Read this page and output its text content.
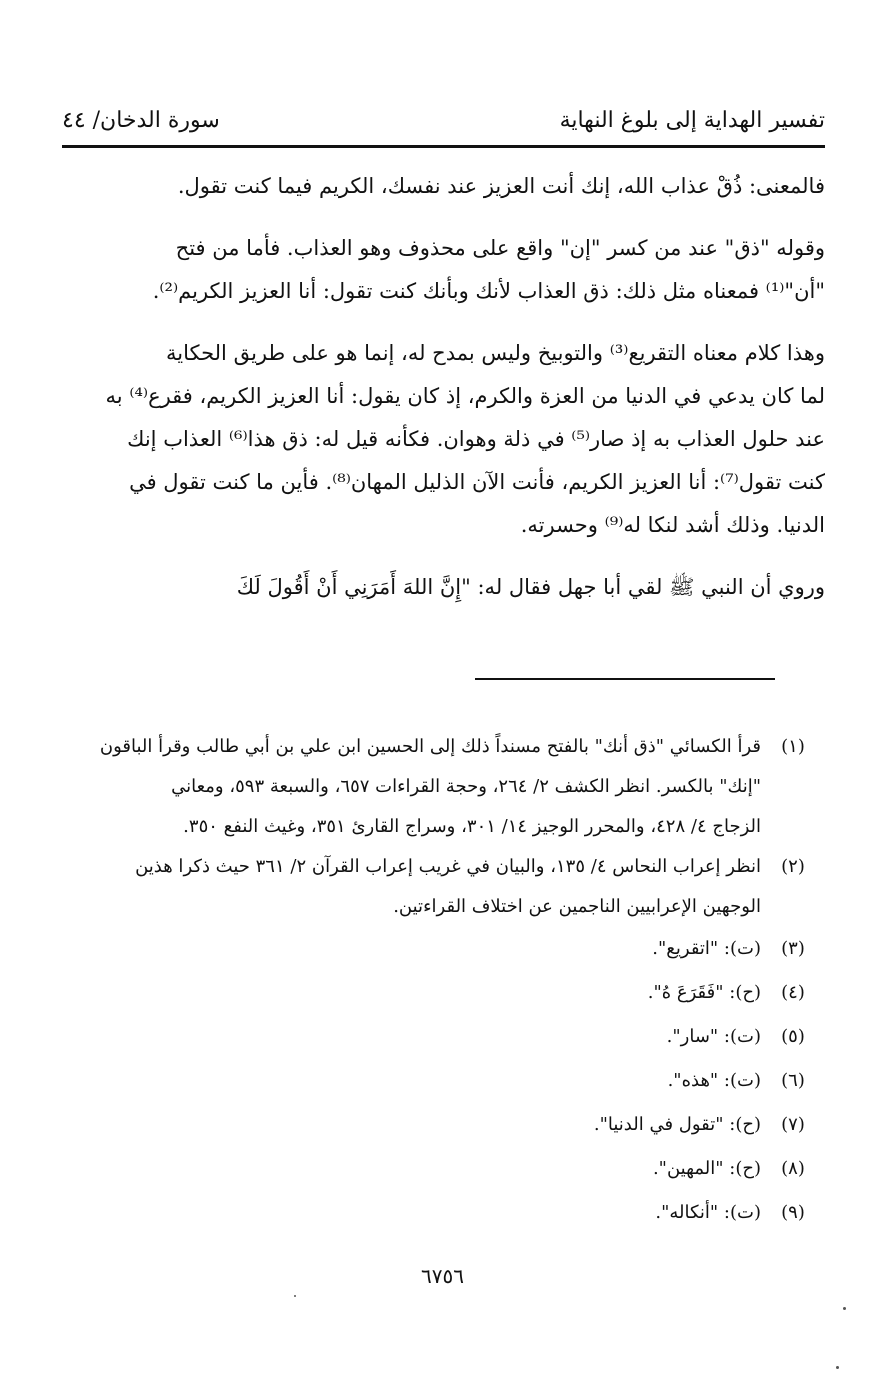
تفسير الهداية إلى بلوغ النهاية
سورة الدخان/ ٤٤
فالمعنى: ذُقْ عذاب الله، إنك أنت العزيز عند نفسك، الكريم فيما كنت تقول.
وقوله "ذق" عند من كسر "إن" واقع على محذوف وهو العذاب. فأما من فتح
"أن"⁽¹⁾ فمعناه مثل ذلك: ذق العذاب لأنك وبأنك كنت تقول: أنا العزيز الكريم⁽²⁾.
وهذا كلام معناه التقريع⁽³⁾ والتوبيخ وليس بمدح له، إنما هو على طريق الحكاية
لما كان يدعي في الدنيا من العزة والكرم، إذ كان يقول: أنا العزيز الكريم، فقرع⁽⁴⁾ به
عند حلول العذاب به إذ صار⁽⁵⁾ في ذلة وهوان. فكأنه قيل له: ذق هذا⁽⁶⁾ العذاب إنك
كنت تقول⁽⁷⁾: أنا العزيز الكريم، فأنت الآن الذليل المهان⁽⁸⁾. فأين ما كنت تقول في
الدنيا. وذلك أشد لنكا له⁽⁹⁾ وحسرته.
وروي أن النبي ﷺ لقي أبا جهل فقال له: "إِنَّ اللهَ أَمَرَنِي أَنْ أَقُولَ لَكَ
(١)
قرأ الكسائي "ذق أنك" بالفتح مسنداً ذلك إلى الحسين ابن علي بن أبي طالب وقرأ الباقون
"إنك" بالكسر. انظر الكشف ٢/ ٢٦٤، وحجة القراءات ٦٥٧، والسبعة ٥٩٣، ومعاني
الزجاج ٤/ ٤٢٨، والمحرر الوجيز ١٤/ ٣٠١، وسراج القارئ ٣٥١، وغيث النفع ٣٥٠.
(٢)
انظر إعراب النحاس ٤/ ١٣٥، والبيان في غريب إعراب القرآن ٢/ ٣٦١ حيث ذكرا هذين
الوجهين الإعرابيين الناجمين عن اختلاف القراءتين.
(٣)
(ت): "اتقريع".
(٤)
(ح): "فَقَرَعَ هُ".
(٥)
(ت): "سار".
(٦)
(ت): "هذه".
(٧)
(ح): "تقول في الدنيا".
(٨)
(ح): "المهين".
(٩)
(ت): "أنكاله".
٦٧٥٦
